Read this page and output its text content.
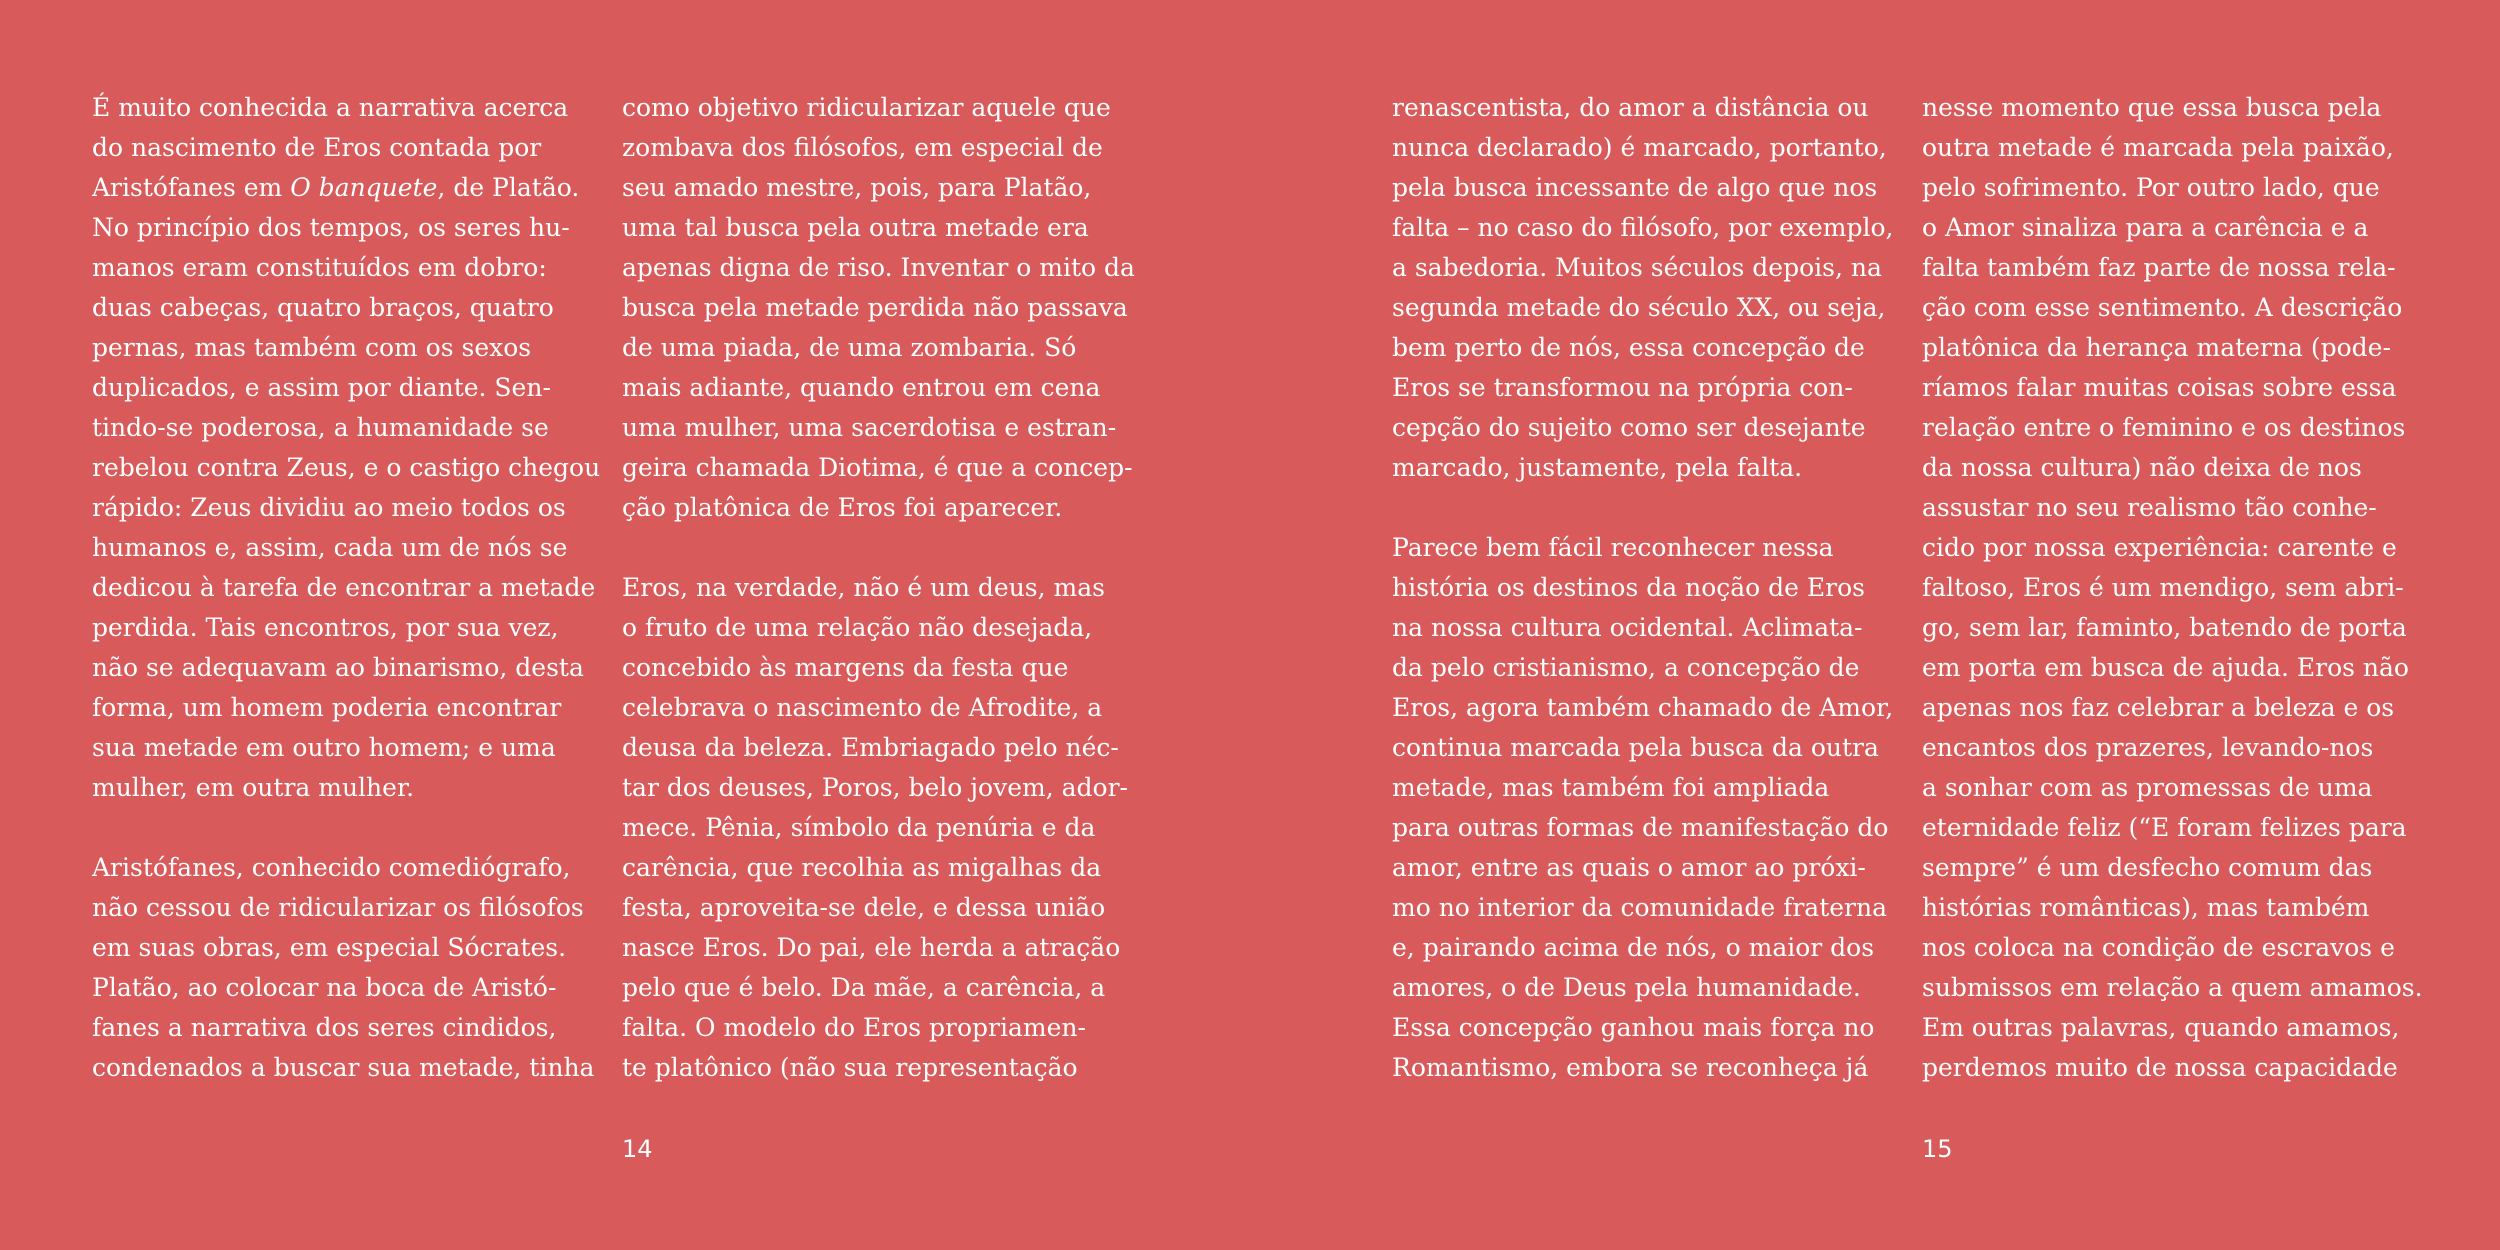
É muito conhecida a narrativa acerca
do nascimento de Eros contada por
Aristófanes em O banquete, de Platão.
No princípio dos tempos, os seres hu-
manos eram constituídos em dobro:
duas cabeças, quatro braços, quatro
pernas, mas também com os sexos
duplicados, e assim por diante. Sen-
tindo-se poderosa, a humanidade se
rebelou contra Zeus, e o castigo chegou
rápido: Zeus dividiu ao meio todos os
humanos e, assim, cada um de nós se
dedicou à tarefa de encontrar a metade
perdida. Tais encontros, por sua vez,
não se adequavam ao binarismo, desta
forma, um homem poderia encontrar
sua metade em outro homem; e uma
mulher, em outra mulher.
Aristófanes, conhecido comediógrafo,
não cessou de ridicularizar os filósofos
em suas obras, em especial Sócrates.
Platão, ao colocar na boca de Aristó-
fanes a narrativa dos seres cindidos,
condenados a buscar sua metade, tinha
como objetivo ridicularizar aquele que
zombava dos filósofos, em especial de
seu amado mestre, pois, para Platão,
uma tal busca pela outra metade era
apenas digna de riso. Inventar o mito da
busca pela metade perdida não passava
de uma piada, de uma zombaria. Só
mais adiante, quando entrou em cena
uma mulher, uma sacerdotisa e estran-
geira chamada Diotima, é que a concep-
ção platônica de Eros foi aparecer.
Eros, na verdade, não é um deus, mas
o fruto de uma relação não desejada,
concebido às margens da festa que
celebrava o nascimento de Afrodite, a
deusa da beleza. Embriagado pelo néc-
tar dos deuses, Poros, belo jovem, ador-
mece. Pênia, símbolo da penúria e da
carência, que recolhia as migalhas da
festa, aproveita-se dele, e dessa união
nasce Eros. Do pai, ele herda a atração
pelo que é belo. Da mãe, a carência, a
falta. O modelo do Eros propriamen-
te platônico (não sua representação
14
renascentista, do amor a distância ou
nunca declarado) é marcado, portanto,
pela busca incessante de algo que nos
falta – no caso do filósofo, por exemplo,
a sabedoria. Muitos séculos depois, na
segunda metade do século XX, ou seja,
bem perto de nós, essa concepção de
Eros se transformou na própria con-
cepção do sujeito como ser desejante
marcado, justamente, pela falta.
Parece bem fácil reconhecer nessa
história os destinos da noção de Eros
na nossa cultura ocidental. Aclimata-
da pelo cristianismo, a concepção de
Eros, agora também chamado de Amor,
continua marcada pela busca da outra
metade, mas também foi ampliada
para outras formas de manifestação do
amor, entre as quais o amor ao próxi-
mo no interior da comunidade fraterna
e, pairando acima de nós, o maior dos
amores, o de Deus pela humanidade.
Essa concepção ganhou mais força no
Romantismo, embora se reconheça já
nesse momento que essa busca pela
outra metade é marcada pela paixão,
pelo sofrimento. Por outro lado, que
o Amor sinaliza para a carência e a
falta também faz parte de nossa rela-
ção com esse sentimento. A descrição
platônica da herança materna (pode-
ríamos falar muitas coisas sobre essa
relação entre o feminino e os destinos
da nossa cultura) não deixa de nos
assustar no seu realismo tão conhe-
cido por nossa experiência: carente e
faltoso, Eros é um mendigo, sem abri-
go, sem lar, faminto, batendo de porta
em porta em busca de ajuda. Eros não
apenas nos faz celebrar a beleza e os
encantos dos prazeres, levando-nos
a sonhar com as promessas de uma
eternidade feliz (“E foram felizes para
sempre” é um desfecho comum das
histórias românticas), mas também
nos coloca na condição de escravos e
submissos em relação a quem amamos.
Em outras palavras, quando amamos,
perdemos muito de nossa capacidade
15
